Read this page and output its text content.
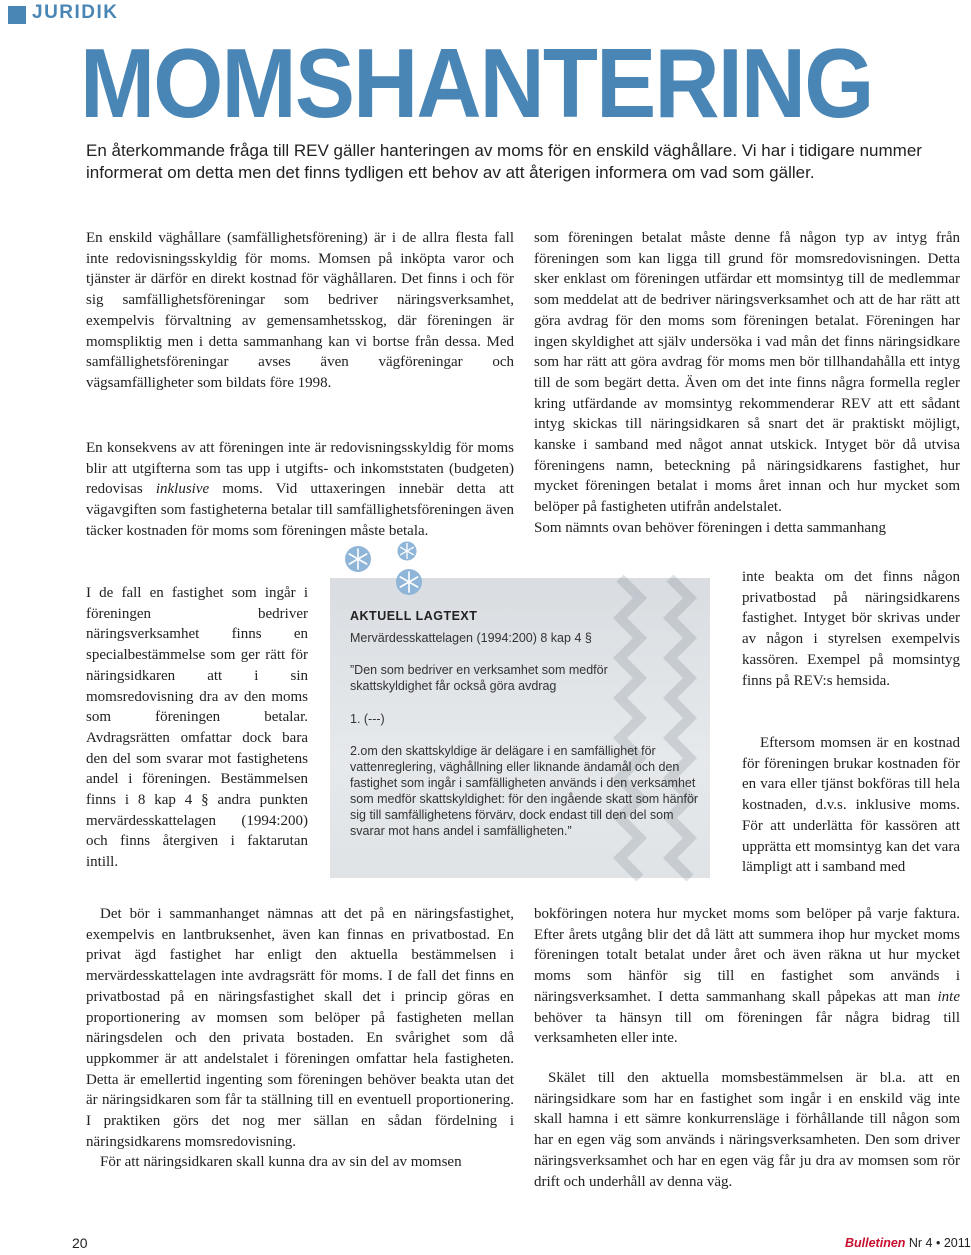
JURIDIK
MOMSHANTERING
En återkommande fråga till REV gäller hanteringen av moms för en enskild väghållare. Vi har i tidigare nummer informerat om detta men det finns tydligen ett behov av att återigen informera om vad som gäller.
En enskild väghållare (samfällighetsförening) är i de allra flesta fall inte redovisningsskyldig för moms. Momsen på inköpta varor och tjänster är därför en direkt kostnad för väghållaren. Det finns i och för sig samfällighetsföreningar som bedriver näringsverksamhet, exempelvis förvaltning av gemensamhetsskog, där föreningen är momspliktig men i detta sammanhang kan vi bortse från dessa. Med samfällighetsföreningar avses även vägföreningar och vägsamfälligheter som bildats före 1998.
En konsekvens av att föreningen inte är redovisningsskyldig för moms blir att utgifterna som tas upp i utgifts- och inkomststaten (budgeten) redovisas inklusive moms. Vid uttaxeringen innebär detta att vägavgiften som fastigheterna betalar till samfällighetsföreningen även täcker kostnaden för moms som föreningen måste betala.
I de fall en fastighet som ingår i föreningen bedriver näringsverksamhet finns en specialbestämmelse som ger rätt för näringsidkaren att i sin momsredovisning dra av den moms som föreningen betalar. Avdragsrätten omfattar dock bara den del som svarar mot fastighetens andel i föreningen. Bestämmelsen finns i 8 kap 4 § andra punkten mervärdesskattelagen (1994:200) och finns återgiven i faktarutan intill.

Det bör i sammanhanget nämnas att det på en näringsfastighet, exempelvis en lantbruksenhet, även kan finnas en privatbostad. En privat ägd fastighet har enligt den aktuella bestämmelsen i mervärdesskattelagen inte avdragsrätt för moms. I de fall det finns en privatbostad på en näringsfastighet skall det i princip göras en proportionering av momsen som belöper på fastigheten mellan näringsdelen och den privata bostaden. En svårighet som då uppkommer är att andelstalet i föreningen omfattar hela fastigheten. Detta är emellertid ingenting som föreningen behöver beakta utan det är näringsidkaren som får ta ställning till en eventuell proportionering. I praktiken görs det nog mer sällan en sådan fördelning i näringsidkarens momsredovisning.

För att näringsidkaren skall kunna dra av sin del av momsen

som föreningen betalat måste denne få någon typ av intyg från föreningen som kan ligga till grund för momsredovisningen. Detta sker enklast om föreningen utfärdar ett momsintyg till de medlemmar som meddelat att de bedriver näringsverksamhet och att de har rätt att göra avdrag för den moms som föreningen betalat. Föreningen har ingen skyldighet att själv undersöka i vad mån det finns näringsidkare som har rätt att göra avdrag för moms men bör tillhandahålla ett intyg till de som begärt detta. Även om det inte finns några formella regler kring utfärdande av momsintyg rekommenderar REV att ett sådant intyg skickas till näringsidkaren så snart det är praktiskt möjligt, kanske i samband med något annat utskick. Intyget bör då utvisa föreningens namn, beteckning på näringsidkarens fastighet, hur mycket föreningen betalat i moms året innan och hur mycket som belöper på fastigheten utifrån andelstalet.

Som nämnts ovan behöver föreningen i detta sammanhang

inte beakta om det finns någon privatbostad på näringsidkarens fastighet. Intyget bör skrivas under av någon i styrelsen exempelvis kassören. Exempel på momsintyg finns på REV:s hemsida.
Eftersom momsen är en kostnad för föreningen brukar kostnaden för en vara eller tjänst bokföras till hela kostnaden, d.v.s. inklusive moms. För att underlätta för kassören att upprätta ett momsintyg kan det vara lämpligt att i samband med
bokföringen notera hur mycket moms som belöper på varje faktura. Efter årets utgång blir det då lätt att summera ihop hur mycket moms föreningen totalt betalat under året och även räkna ut hur mycket moms som hänför sig till en fastighet som används i näringsverksamhet. I detta sammanhang skall påpekas att man inte behöver ta hänsyn till om föreningen får några bidrag till verksamheten eller inte.
Skälet till den aktuella momsbestämmelsen är bl.a. att en näringsidkare som har en fastighet som ingår i en enskild väg inte skall hamna i ett sämre konkurrensläge i förhållande till någon som har en egen väg som används i näringsverksamheten. Den som driver näringsverksamhet och har en egen väg får ju dra av momsen som rör drift och underhåll av denna väg.
AKTUELL LAGTEXT
Mervärdesskattelagen (1994:200) 8 kap 4 §
”Den som bedriver en verksamhet som medför skattskyldighet får också göra avdrag
1. (---)
2.om den skattskyldige är delägare i en samfällighet för vattenreglering, väghållning eller liknande ändamål och den fastighet som ingår i samfälligheten används i den verksamhet som medför skattskyldighet: för den ingående skatt som hänför sig till samfällighetens förvärv, dock endast till den del som svarar mot hans andel i samfälligheten.”
20	Bulletinen Nr 4 • 2011
